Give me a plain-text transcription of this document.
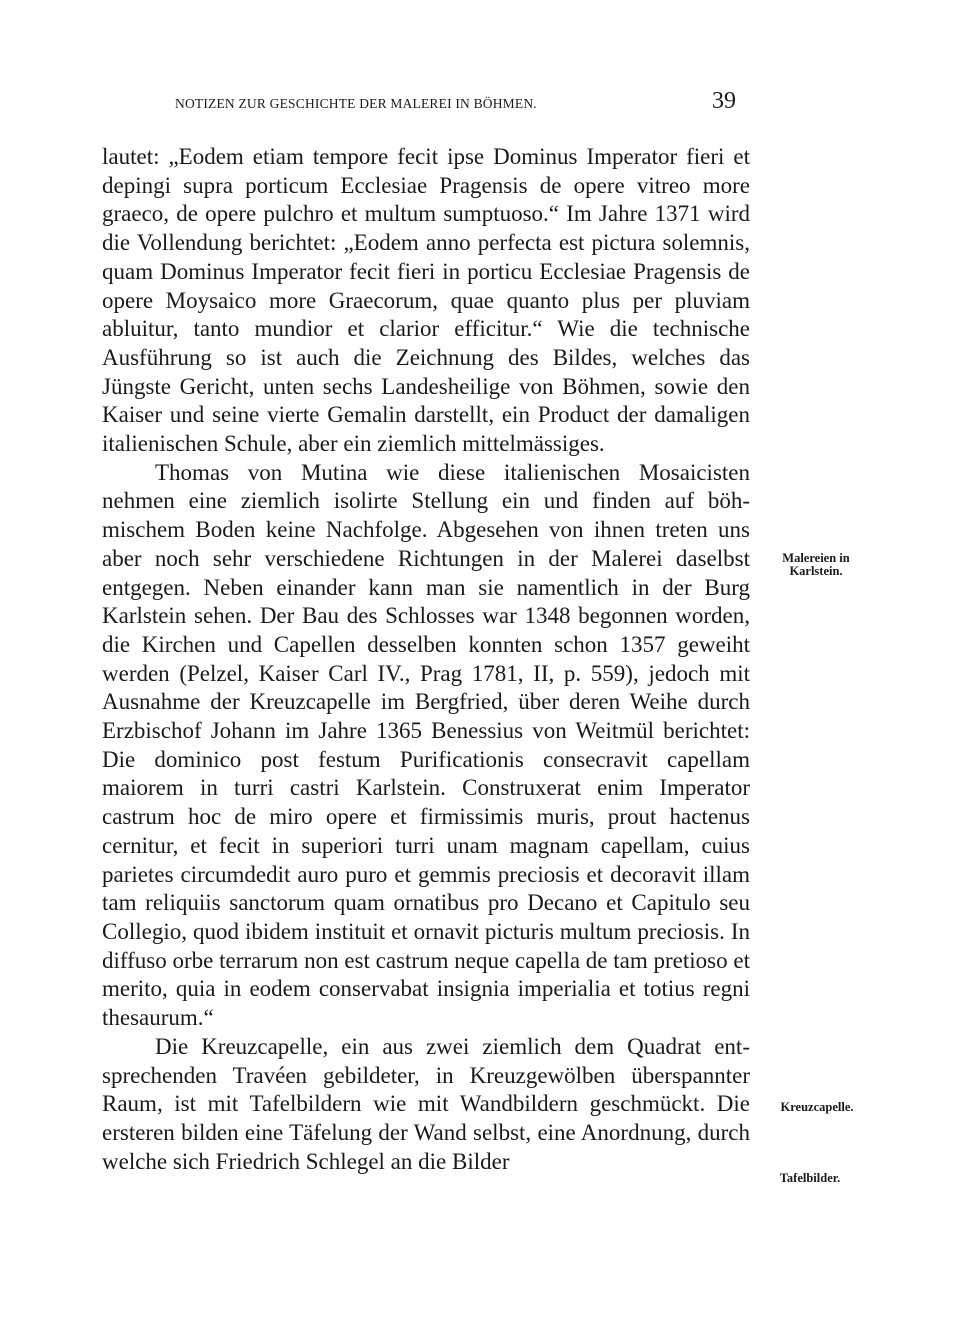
NOTIZEN ZUR GESCHICHTE DER MALEREI IN BÖHMEN.	39

lautet: „Eodem etiam tempore fecit ipse Dominus Imperator fieri et depingi supra porticum Ecclesiae Pragensis de opere vitreo more graeco, de opere pulchro et multum sumptuoso.“ Im Jahre 1371 wird die Vollendung berichtet: „Eodem anno perfecta est pictura solemnis, quam Dominus Imperator fecit fieri in porticu Ecclesiae Pragensis de opere Moysaico more Graecorum, quae quanto plus per pluviam abluitur, tanto mundior et clarior efficitur.“ Wie die technische Ausführung so ist auch die Zeichnung des Bildes, welches das Jüngste Gericht, unten sechs Landesheilige von Böhmen, sowie den Kaiser und seine vierte Gemalin darstellt, ein Product der damaligen italienischen Schule, aber ein ziemlich mittelmässiges.

Thomas von Mutina wie diese italienischen Mosaicisten nehmen eine ziemlich isolirte Stellung ein und finden auf böhmischem Boden keine Nachfolge. Abgesehen von ihnen treten uns aber noch sehr verschiedene Richtungen in der Malerei daselbst entgegen. Neben einander kann man sie namentlich in der Burg Karlstein sehen. Der Bau des Schlosses war 1348 begonnen worden, die Kirchen und Capellen desselben konnten schon 1357 geweiht werden (Pelzel, Kaiser Carl IV., Prag 1781, II, p. 559), jedoch mit Ausnahme der Kreuzcapelle im Bergfried, über deren Weihe durch Erzbischof Johann im Jahre 1365 Benessius von Weitmül berichtet: Die dominico post festum Purificationis consecravit capellam maiorem in turri castri Karlstein. Construxerat enim Imperator castrum hoc de miro opere et firmissimis muris, prout hactenus cernitur, et fecit in superiori turri unam magnam capellam, cuius parietes circumdedit auro puro et gemmis preciosis et decoravit illam tam reliquiis sanctorum quam ornatibus pro Decano et Capitulo seu Collegio, quod ibidem instituit et ornavit picturis multum preciosis. In diffuso orbe terrarum non est castrum neque capella de tam pretioso et merito, quia in eodem conservabat insignia imperialia et totius regni thesaurum.“

Die Kreuzcapelle, ein aus zwei ziemlich dem Quadrat entsprechenden Travéen gebildeter, in Kreuzgewölben überspannter Raum, ist mit Tafelbildern wie mit Wandbildern geschmückt. Die ersteren bilden eine Täfelung der Wand selbst, eine Anordnung, durch welche sich Friedrich Schlegel an die Bilder

Malereien in Karlstein.
Kreuzcapelle.
Tafelbilder.
